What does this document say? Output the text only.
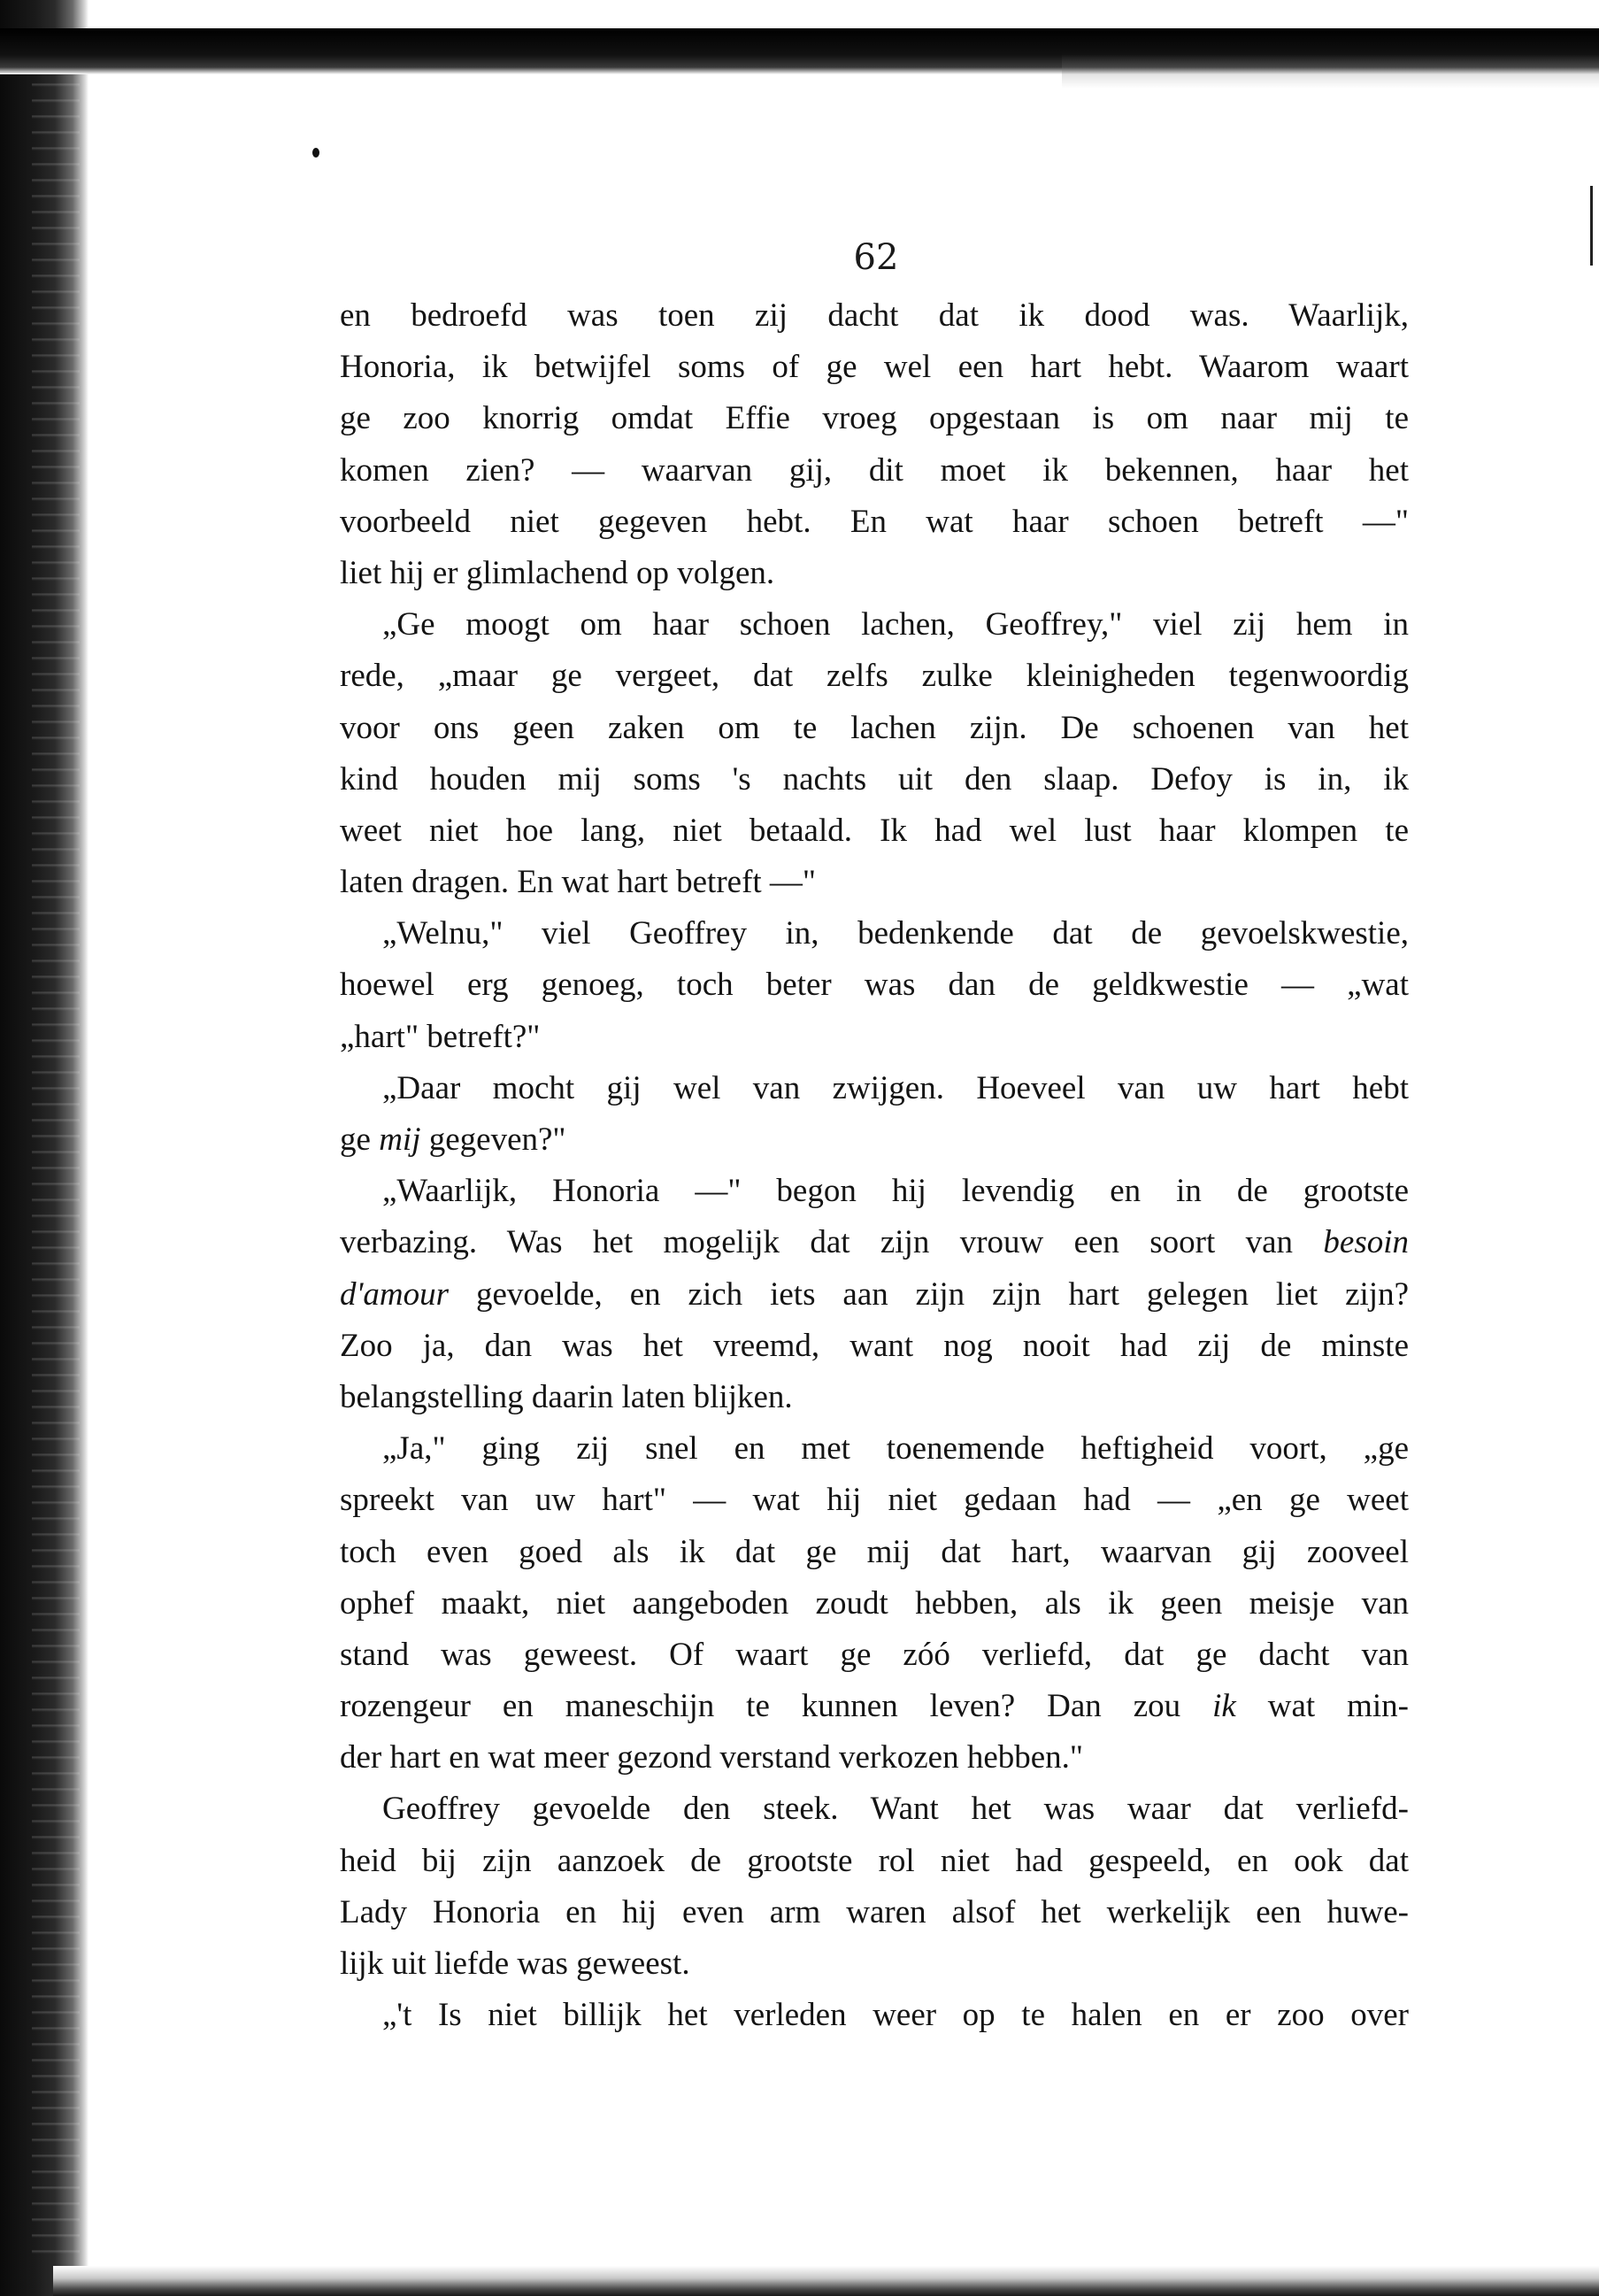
62
en bedroefd was toen zij dacht dat ik dood was. Waarlijk,
Honoria, ik betwijfel soms of ge wel een hart hebt. Waarom waart
ge zoo knorrig omdat Effie vroeg opgestaan is om naar mij te
komen zien? — waarvan gij, dit moet ik bekennen, haar het
voorbeeld niet gegeven hebt. En wat haar schoen betreft —"
liet hij er glimlachend op volgen.
„Ge moogt om haar schoen lachen, Geoffrey," viel zij hem in
rede, „maar ge vergeet, dat zelfs zulke kleinigheden tegenwoordig
voor ons geen zaken om te lachen zijn. De schoenen van het
kind houden mij soms 's nachts uit den slaap. Defoy is in, ik
weet niet hoe lang, niet betaald. Ik had wel lust haar klompen te
laten dragen. En wat hart betreft —"
„Welnu," viel Geoffrey in, bedenkende dat de gevoelskwestie,
hoewel erg genoeg, toch beter was dan de geldkwestie — „wat
„hart" betreft?"
„Daar mocht gij wel van zwijgen. Hoeveel van uw hart hebt
ge mij gegeven?"
„Waarlijk, Honoria —" begon hij levendig en in de grootste
verbazing. Was het mogelijk dat zijn vrouw een soort van besoin
d'amour gevoelde, en zich iets aan zijn zijn hart gelegen liet zijn?
Zoo ja, dan was het vreemd, want nog nooit had zij de minste
belangstelling daarin laten blijken.
„Ja," ging zij snel en met toenemende heftigheid voort, „ge
spreekt van uw hart" — wat hij niet gedaan had — „en ge weet
toch even goed als ik dat ge mij dat hart, waarvan gij zooveel
ophef maakt, niet aangeboden zoudt hebben, als ik geen meisje van
stand was geweest. Of waart ge zóó verliefd, dat ge dacht van
rozengeur en maneschijn te kunnen leven? Dan zou ik wat min-
der hart en wat meer gezond verstand verkozen hebben."
Geoffrey gevoelde den steek. Want het was waar dat verliefd-
heid bij zijn aanzoek de grootste rol niet had gespeeld, en ook dat
Lady Honoria en hij even arm waren alsof het werkelijk een huwe-
lijk uit liefde was geweest.
„'t Is niet billijk het verleden weer op te halen en er zoo over
